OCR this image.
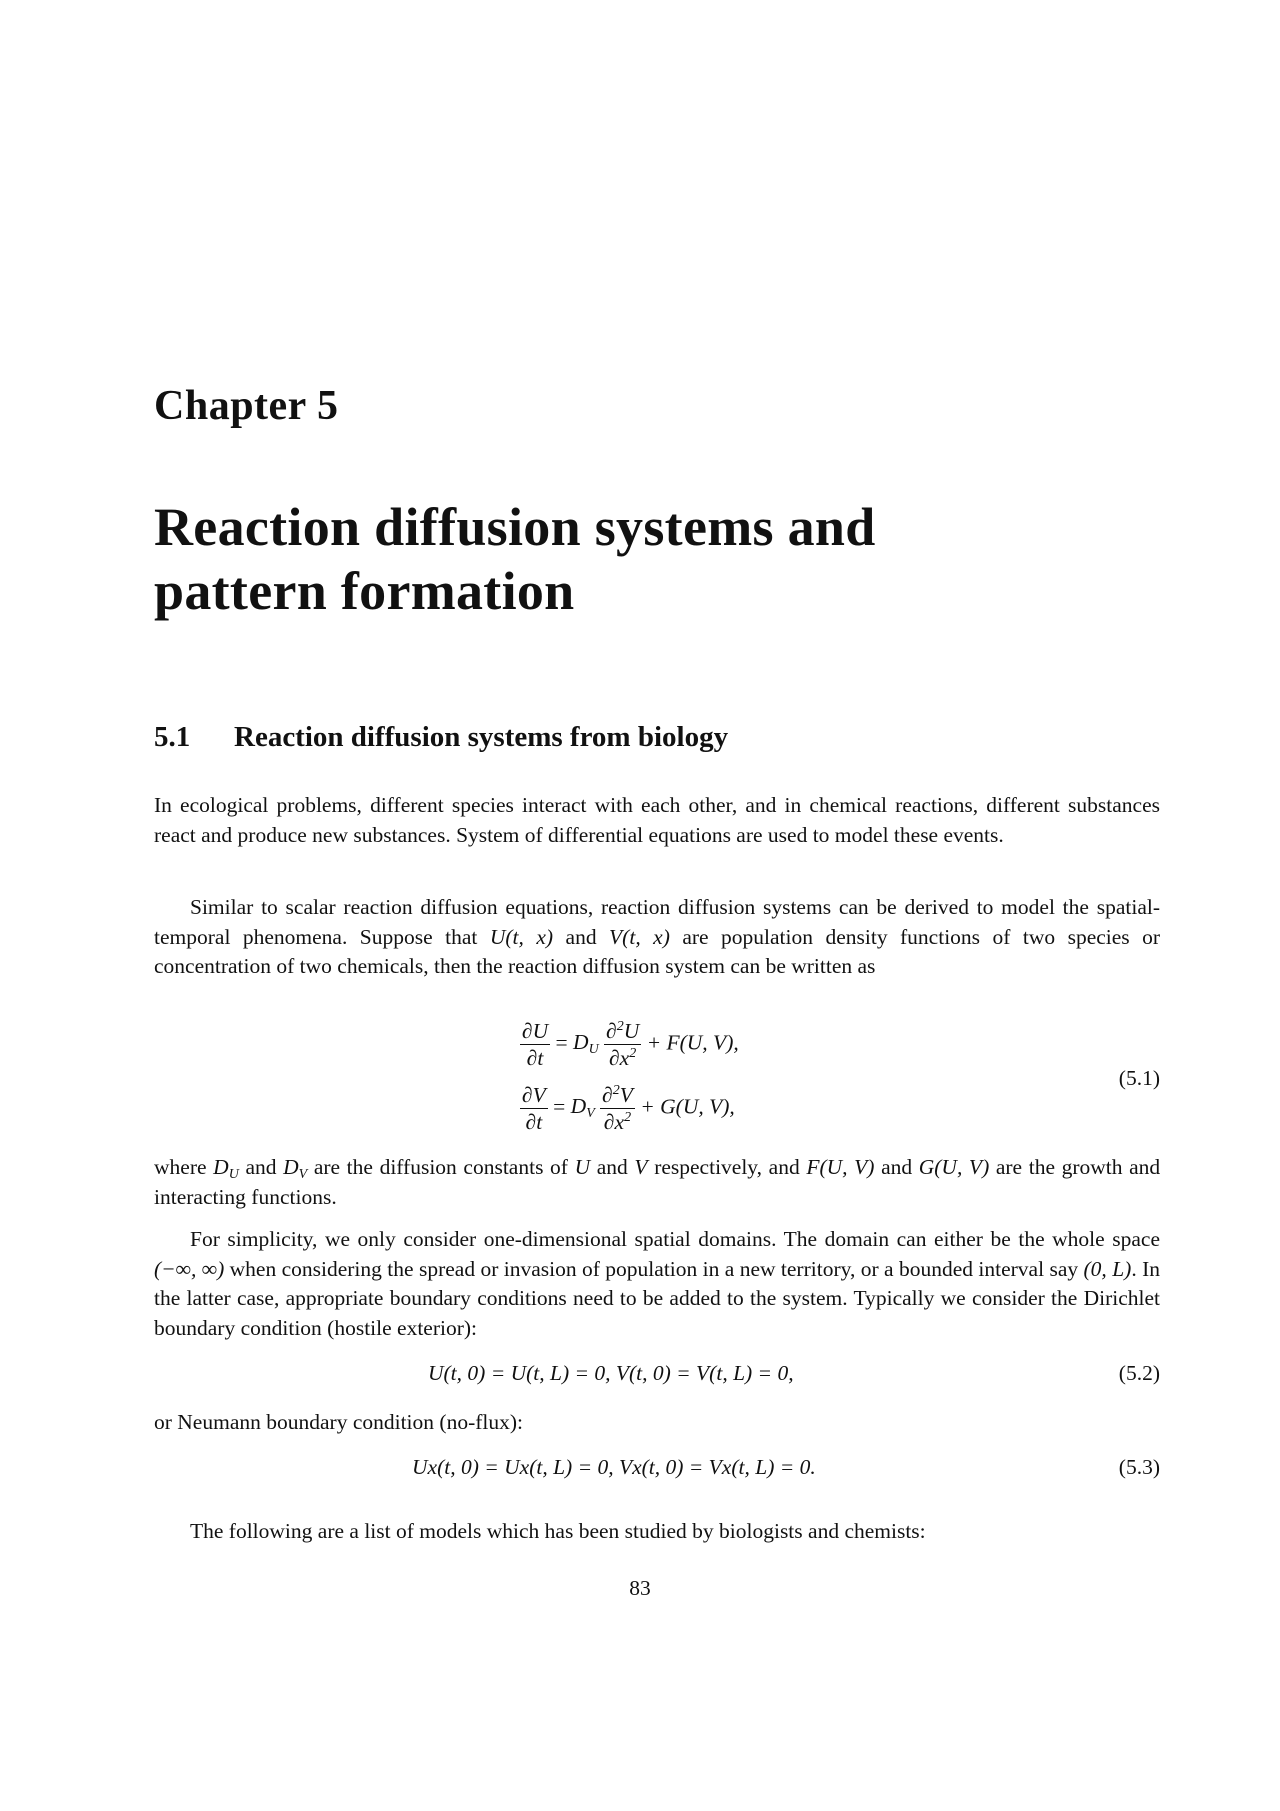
Chapter 5
Reaction diffusion systems and
pattern formation
5.1 Reaction diffusion systems from biology

In ecological problems, different species interact with each other, and in chemical reactions, different substances react and produce new substances. System of differential equations are used to model these events.

Similar to scalar reaction diffusion equations, reaction diffusion systems can be derived to model the spatial-temporal phenomena. Suppose that U(t, x) and V(t, x) are population density functions of two species or concentration of two chemicals, then the reaction diffusion system can be written as

$\frac{\partial U}{\partial t} = D_U \frac{\partial^2U}{\partial x^2} + F(U$, V),
$\frac{\partial V}{\partial t} = D_V \frac{\partial^2V}{\partial x^2} + G(U$, V),
(5.1)

where $D_U$ and $D_V$ are the diffusion constants of U and V respectively, and F(U, V) and G(U, V) are the growth and interacting functions.

For simplicity, we only consider one-dimensional spatial domains. The domain can either be the whole space (−∞, ∞) when considering the spread or invasion of population in a new territory, or a bounded interval say (0, L). In the latter case, appropriate boundary conditions need to be added to the system. Typically we consider the Dirichlet boundary condition (hostile exterior):

U(t, 0) = U(t, L) = 0, V(t, 0) = V(t, L) = 0,	(5.2)

or Neumann boundary condition (no-flux):

Ux(t, 0) = Ux(t, L) = 0, Vx(t, 0) = Vx(t, L) = 0.	(5.3)

The following are a list of models which has been studied by biologists and chemists:

83
